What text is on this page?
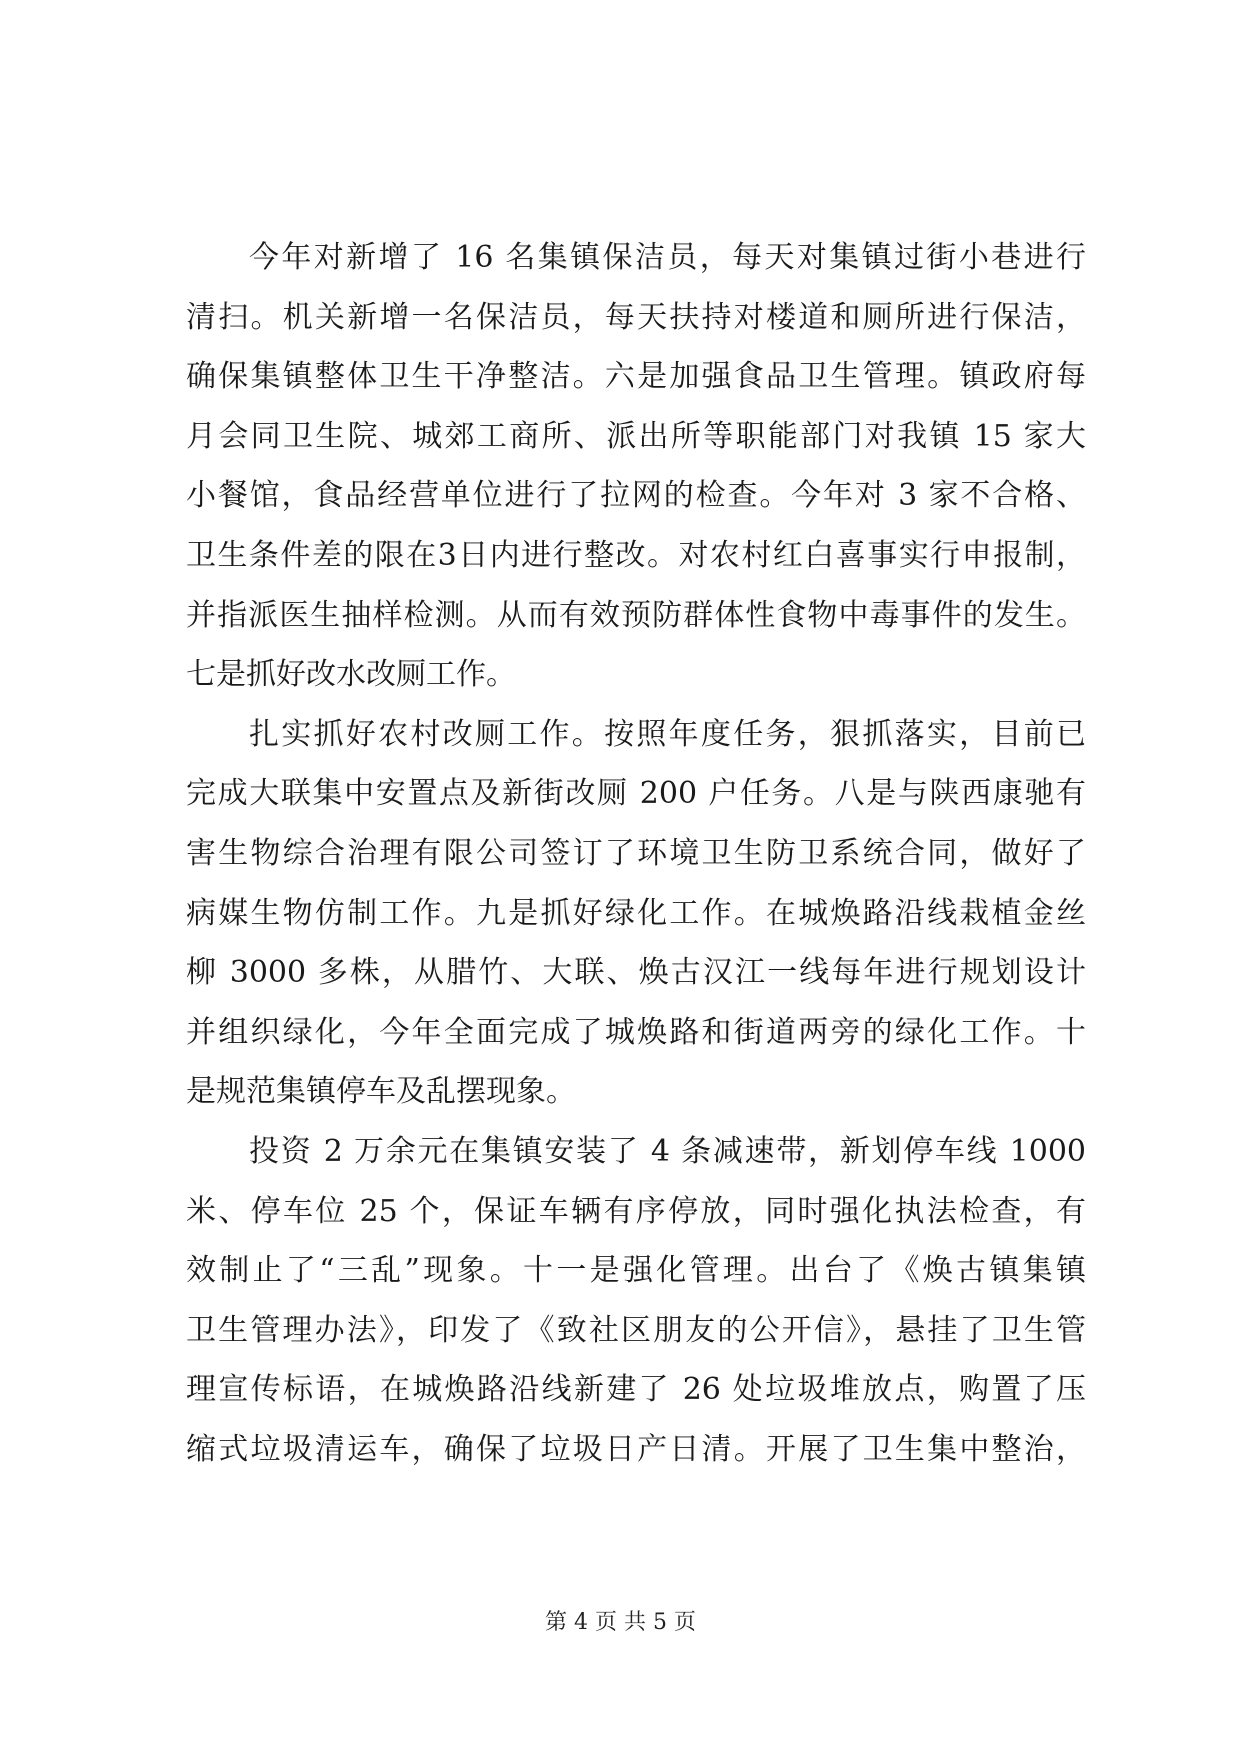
今年对新增了 16 名集镇保洁员，每天对集镇过街小巷进行
清扫。机关新增一名保洁员，每天扶持对楼道和厕所进行保洁，
确保集镇整体卫生干净整洁。六是加强食品卫生管理。镇政府每
月会同卫生院、城郊工商所、派出所等职能部门对我镇 15 家大
小餐馆，食品经营单位进行了拉网的检查。今年对 3 家不合格、
卫生条件差的限在3日内进行整改。对农村红白喜事实行申报制，
并指派医生抽样检测。从而有效预防群体性食物中毒事件的发生。
七是抓好改水改厕工作。
扎实抓好农村改厕工作。按照年度任务，狠抓落实，目前已
完成大联集中安置点及新街改厕 200 户任务。八是与陕西康驰有
害生物综合治理有限公司签订了环境卫生防卫系统合同，做好了
病媒生物仿制工作。九是抓好绿化工作。在城焕路沿线栽植金丝
柳 3000 多株，从腊竹、大联、焕古汉江一线每年进行规划设计
并组织绿化，今年全面完成了城焕路和街道两旁的绿化工作。十
是规范集镇停车及乱摆现象。
投资 2 万余元在集镇安装了 4 条减速带，新划停车线 1000
米、停车位 25 个，保证车辆有序停放，同时强化执法检查，有
效制止了“三乱”现象。十一是强化管理。出台了《焕古镇集镇
卫生管理办法》，印发了《致社区朋友的公开信》，悬挂了卫生管
理宣传标语，在城焕路沿线新建了 26 处垃圾堆放点，购置了压
缩式垃圾清运车，确保了垃圾日产日清。开展了卫生集中整治，
第 4 页 共 5 页
